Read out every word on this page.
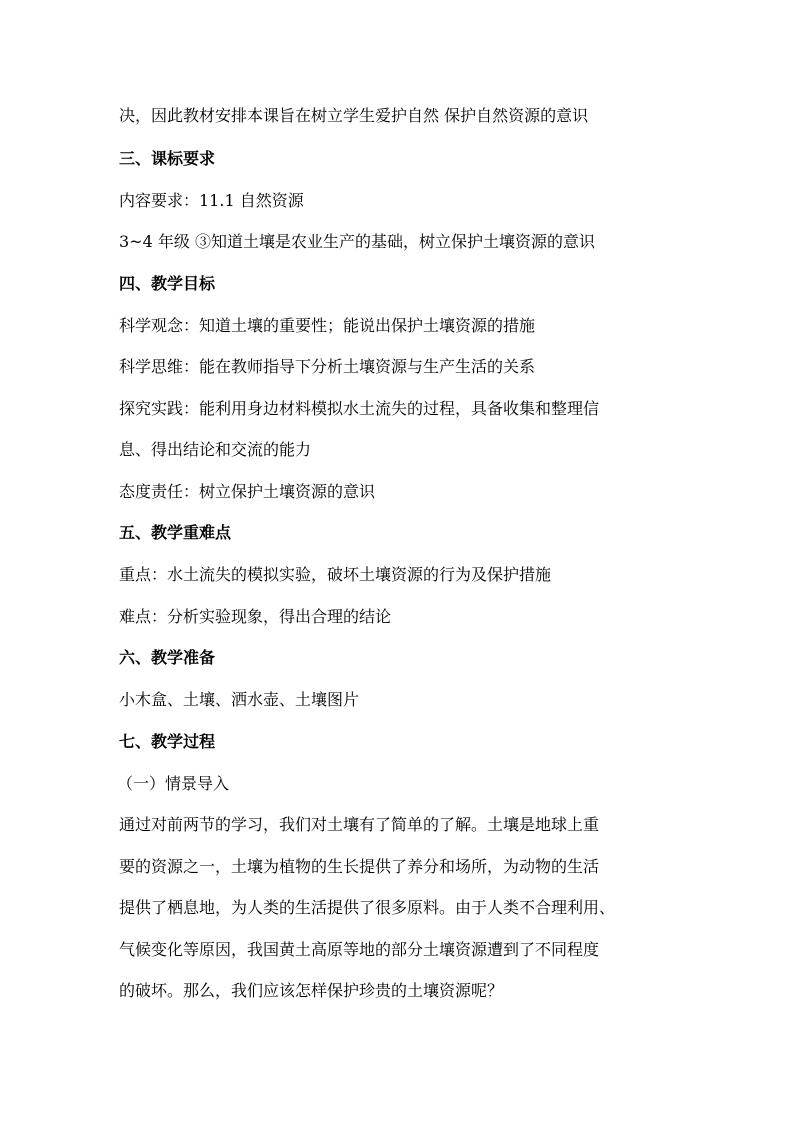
决，因此教材安排本课旨在树立学生爱护自然 保护自然资源的意识
三、课标要求
内容要求：11.1 自然资源
3~4 年级 ③知道土壤是农业生产的基础，树立保护土壤资源的意识
四、教学目标
科学观念：知道土壤的重要性；能说出保护土壤资源的措施
科学思维：能在教师指导下分析土壤资源与生产生活的关系
探究实践：能利用身边材料模拟水土流失的过程，具备收集和整理信
息、得出结论和交流的能力
态度责任：树立保护土壤资源的意识
五、教学重难点
重点：水土流失的模拟实验，破坏土壤资源的行为及保护措施
难点：分析实验现象，得出合理的结论
六、教学准备
小木盒、土壤、洒水壶、土壤图片
七、教学过程
（一）情景导入
通过对前两节的学习，我们对土壤有了简单的了解。土壤是地球上重
要的资源之一，土壤为植物的生长提供了养分和场所，为动物的生活
提供了栖息地，为人类的生活提供了很多原料。由于人类不合理利用、
气候变化等原因，我国黄土高原等地的部分土壤资源遭到了不同程度
的破坏。那么，我们应该怎样保护珍贵的土壤资源呢？
